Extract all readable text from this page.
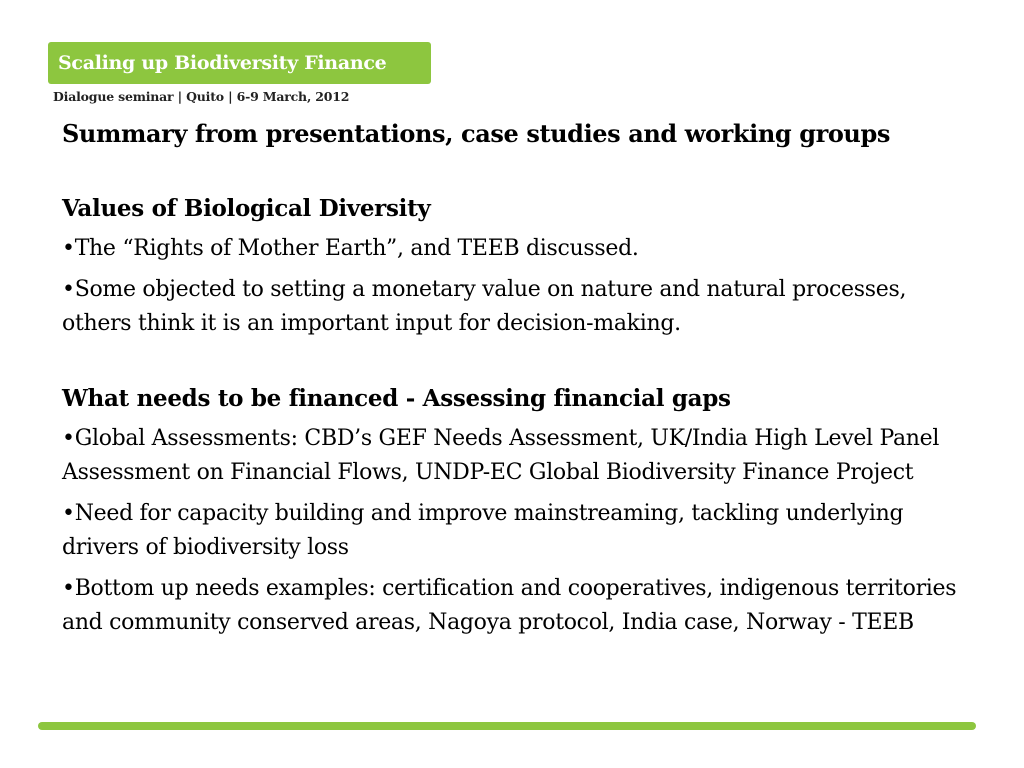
Scaling up Biodiversity Finance
Dialogue seminar | Quito | 6-9 March, 2012
Summary from presentations, case studies and working groups
Values of Biological Diversity
•The “Rights of Mother Earth”, and TEEB discussed.
•Some objected to setting a monetary value on nature and natural processes, others think it is an important input for decision-making.
What needs to be financed - Assessing financial gaps
•Global Assessments: CBD’s GEF Needs Assessment, UK/India High Level Panel Assessment on Financial Flows, UNDP-EC Global Biodiversity Finance Project
•Need for capacity building and improve mainstreaming, tackling underlying drivers of biodiversity loss
•Bottom up needs examples: certification and cooperatives, indigenous territories and community conserved areas, Nagoya protocol, India case, Norway - TEEB
